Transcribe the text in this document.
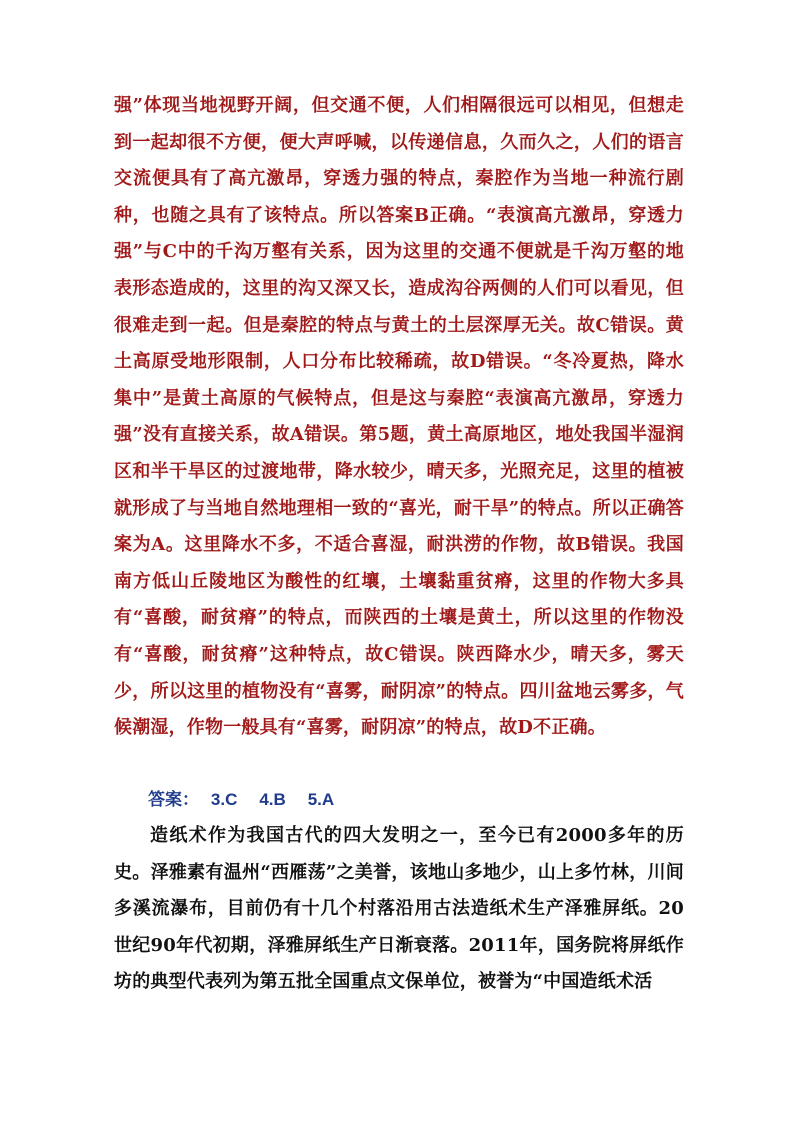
强”体现当地视野开阔，但交通不便，人们相隔很远可以相见，但想走到一起却很不方便，便大声呼喊，以传递信息，久而久之，人们的语言交流便具有了高亢激昂，穿透力强的特点，秦腔作为当地一种流行剧种，也随之具有了该特点。所以答案B正确。“表演高亢激昂，穿透力强”与C中的千沟万壑有关系，因为这里的交通不便就是千沟万壑的地表形态造成的，这里的沟又深又长，造成沟谷两侧的人们可以看见，但很难走到一起。但是秦腔的特点与黄土的土层深厚无关。故C错误。黄土高原受地形限制，人口分布比较稀疏，故D错误。“冬冷夏热，降水集中”是黄土高原的气候特点，但是这与秦腔“表演高亢激昂，穿透力强”没有直接关系，故A错误。第5题，黄土高原地区，地处我国半湿润区和半干旱区的过渡地带，降水较少，晴天多，光照充足，这里的植被就形成了与当地自然地理相一致的“喜光，耐干旱”的特点。所以正确答案为A。这里降水不多，不适合喜湿，耐洪涝的作物，故B错误。我国南方低山丘陵地区为酸性的红壤，土壤黏重贫瘠，这里的作物大多具有“喜酸，耐贫瘠”的特点，而陕西的土壤是黄土，所以这里的作物没有“喜酸，耐贫瘠”这种特点，故C错误。陕西降水少，晴天多，雾天少，所以这里的植物没有“喜雾，耐阴凉”的特点。四川盆地云雾多，气候潮湿，作物一般具有“喜雾，耐阴凉”的特点，故D不正确。

答案： 3.C 4.B 5.A

造纸术作为我国古代的四大发明之一，至今已有2000多年的历史。泽雅素有温州“西雁荡”之美誉，该地山多地少，山上多竹林，川间多溪流瀑布，目前仍有十几个村落沿用古法造纸术生产泽雅屏纸。20世纪90年代初期，泽雅屏纸生产日渐衰落。2011年，国务院将屏纸作坊的典型代表列为第五批全国重点文保单位，被誉为“中国造纸术活
